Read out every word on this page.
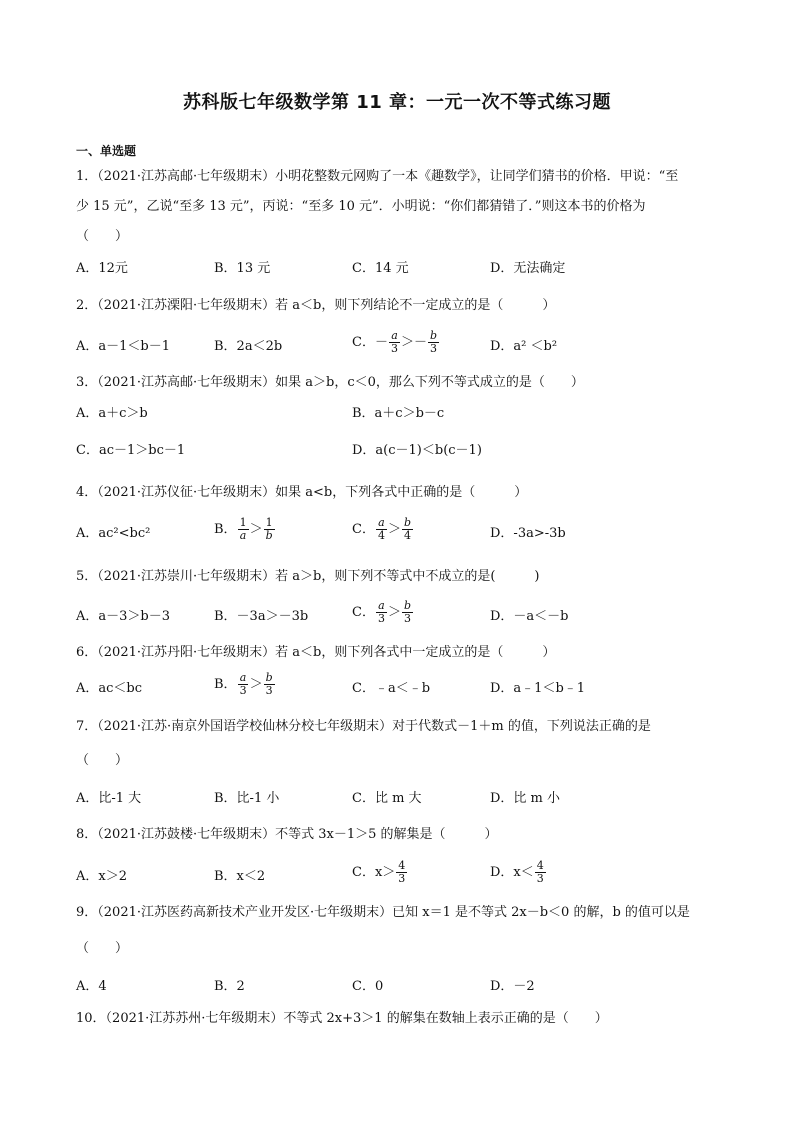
苏科版七年级数学第 11 章：一元一次不等式练习题
一、单选题
1．（2021·江苏高邮·七年级期末）小明花整数元网购了一本《趣数学》，让同学们猜书的价格．甲说：“至
少 15 元”，乙说“至多 13 元”，丙说：“至多 10 元”．小明说：“你们都猜错了．”则这本书的价格为
（　　）
A．12元	B．13 元	C．14 元	D．无法确定
2．（2021·江苏溧阳·七年级期末）若 a＜b，则下列结论不一定成立的是（　　　）
A．a－1＜b－1	B．2a＜2b	C．－ $\frac{a}{3} >- \frac{b}{3}$	D．a² ＜b²
3．（2021·江苏高邮·七年级期末）如果 a＞b，c＜0，那么下列不等式成立的是（　　）
A．a＋c＞b	B．a＋c＞b－c
C．ac－1＞bc－1	D．a(c－1)＜b(c－1)
4．（2021·江苏仪征·七年级期末）如果 a<b，下列各式中正确的是（　　　）
A．ac²<bc²	B． $\frac{1}{a} > \frac{1}{b}$	C． $\frac{a}{4} > \frac{b}{4}$	D．-3a>-3b
5．（2021·江苏崇川·七年级期末）若 a＞b，则下列不等式中不成立的是(　　　)
A．a－3＞b－3	B．－3a＞－3b	C． $\frac{a}{3} > \frac{b}{3}$	D．－a＜－b
6．（2021·江苏丹阳·七年级期末）若 a＜b，则下列各式中一定成立的是（　　　）
A．ac＜bc	B． $\frac{a}{3} > \frac{b}{3}$	C．﹣a＜﹣b	D．a﹣1＜b﹣1
7．（2021·江苏·南京外国语学校仙林分校七年级期末）对于代数式－1＋m 的值，下列说法正确的是
（　　）
A．比-1 大	B．比-1 小	C．比 m 大	D．比 m 小
8．（2021·江苏鼓楼·七年级期末）不等式 3x－1＞5 的解集是（　　　）
A．x＞2	B．x＜2	C．$x> \frac{4}{3}$	D．$x< \frac{4}{3}$
9．（2021·江苏医药高新技术产业开发区·七年级期末）已知 x＝1 是不等式 2x－b＜0 的解，b 的值可以是
（　　）
A．4	B．2	C．0	D．－2
10．（2021·江苏苏州·七年级期末）不等式 2x+3＞1 的解集在数轴上表示正确的是（　　）
